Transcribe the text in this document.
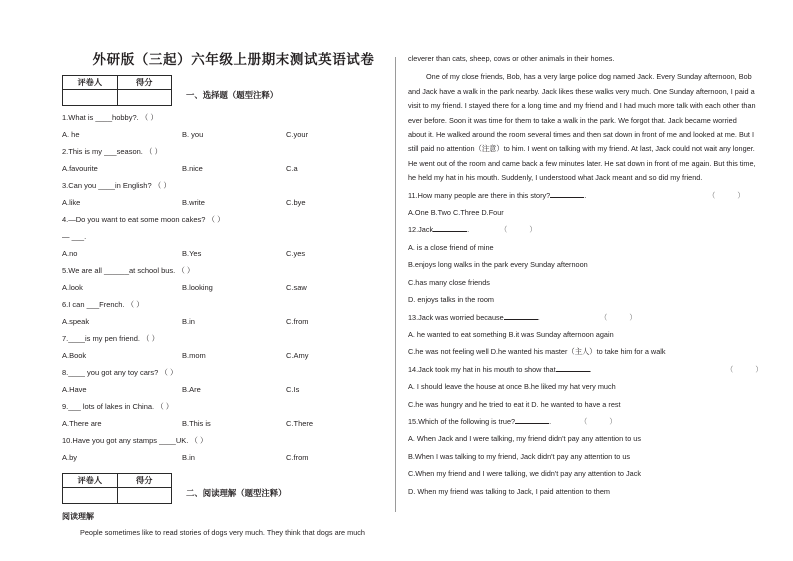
外研版（三起）六年级上册期末测试英语试卷
评卷人	得分

一、选择题（题型注释）
1.What is ____hobby?. （ ）
A. he	B. you	C.your
2.This is my ___season. （ ）
A.favourite	B.nice	C.a
3.Can you ____in English? （ ）
A.like	B.write	C.bye
4.—Do you want to eat some moon cakes? （ ）
— ___.
A.no	B.Yes	C.yes
5.We are all ______at school bus. （ ）
A.look	B.looking	C.saw
6.I can ___French. （ ）
A.speak	B.in	C.from
7.____is my pen friend. （ ）
A.Book	B.mom	C.Amy
8.____ you got any toy cars? （ ）
A.Have	B.Are	C.Is
9.___ lots of lakes in China. （ ）
A.There are	B.This is	C.There
10.Have you got any stamps ____UK. （ ）
A.by	B.in	C.from
评卷人	得分

二、阅读理解（题型注释）
阅读理解
People sometimes like to read stories of dogs very much. They think that dogs are much
cleverer than cats, sheep, cows or other animals in their homes.
One of my close friends, Bob, has a very large police dog named Jack. Every Sunday afternoon, Bob and Jack have a walk in the park nearby. Jack likes these walks very much. One Sunday afternoon, I paid a visit to my friend. I stayed there for a long time and my friend and I had much more talk with each other than ever before. Soon it was time for them to take a walk in the park. We forgot that. Jack became worried about it. He walked around the room several times and then sat down in front of me and looked at me. But I still paid no attention（注意）to him. I went on talking with my friend. At last, Jack could not wait any longer. He went out of the room and came back a few minutes later. He sat down in front of me again. But this time, he held my hat in his mouth. Suddenly, I understood what Jack meant and so did my friend.
11.How many people are there in this story?	.	（ ）
A.One B.Two C.Three D.Four
12.Jack	.	（ ）
A. is a close friend of mine
B.enjoys long walks in the park every Sunday afternoon
C.has many close friends
D. enjoys talks in the room
13.Jack was worried because	.	（ ）
A. he wanted to eat something B.it was Sunday afternoon again
C.he was not feeling well D.he wanted his master（主人）to take him for a walk
14.Jack took my hat in his mouth to show that	.	（ ）
A. I should leave the house at once B.he liked my hat very much
C.he was hungry and he tried to eat it D. he wanted to have a rest
15.Which of the following is true?	.	（ ）
A. When Jack and I were talking, my friend didn't pay any attention to us
B.When I was talking to my friend, Jack didn't pay any attention to us
C.When my friend and I were talking, we didn't pay any attention to Jack
D. When my friend was talking to Jack, I paid attention to them
